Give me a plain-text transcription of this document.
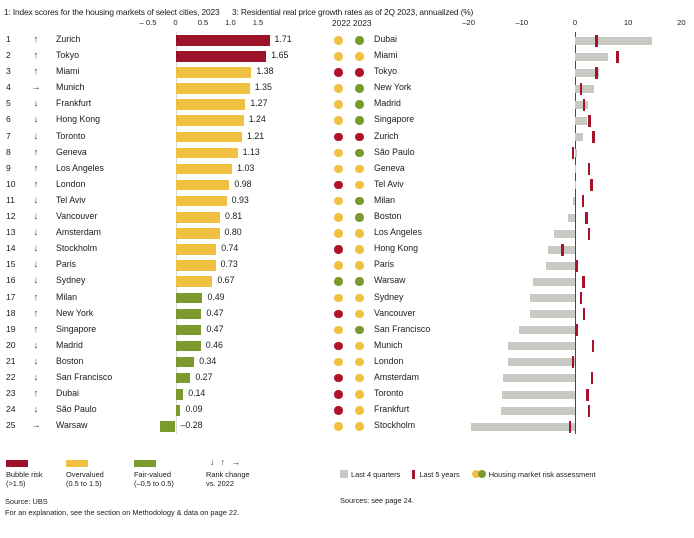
1: Index scores for the housing markets of select cities, 2023 3: Residential real price growth rates as of 2Q 2023, annualized (%)
– 0.5 0	0.5 1.0 1.5
1	↑	Zurich	1.71
2	↑	Tokyo	1.65
3	↑	Miami	1.38
4	→ Munich	1.35
5	↓	Frankfurt	1.27
6	↓	Hong Kong	1.24
7	↓	Toronto	1.21
8	↑	Geneva	1.13
9	↑	Los Angeles	1.03
10	↑	London	0.98
11	↓	Tel Aviv	0.93
12	↓	Vancouver	0.81
13	↓	Amsterdam	0.80
14	↓	Stockholm	0.74
15	↓	Paris	0.73
16	↓	Sydney	0.67
17	↑	Milan	0.49
18	↑	New York	0.47
19	↑	Singapore	0.47
20	↓	Madrid	0.46
21	↓	Boston	0.34
22	↓	San Francisco	0.27
23	↑	Dubai	0.14
24	↓	São Paulo	0.09
25	→ Warsaw	–0.28
Bubble risk
(>1.5)
Overvalued
(0.5 to 1.5)
Fair-valued
(–0.5 to 0.5)
↓ ↑ →
Rank change
vs. 2022
Source: UBS
For an explanation, see the section on Methodology & data on page 22.
2022 2023	–20	–10	0	10	20
Dubai
Miami
Tokyo
New York
Madrid
Singapore
Zurich
São Paulo
Geneva
Tel Aviv
Milan
Boston
Los Angeles
Hong Kong
Paris
Warsaw
Sydney
Vancouver
San Francisco
Munich
London
Amsterdam
Toronto
Frankfurt
Stockholm
Last 4 quarters	Last 5 years	Housing market risk assessment
Sources: see page 24.
